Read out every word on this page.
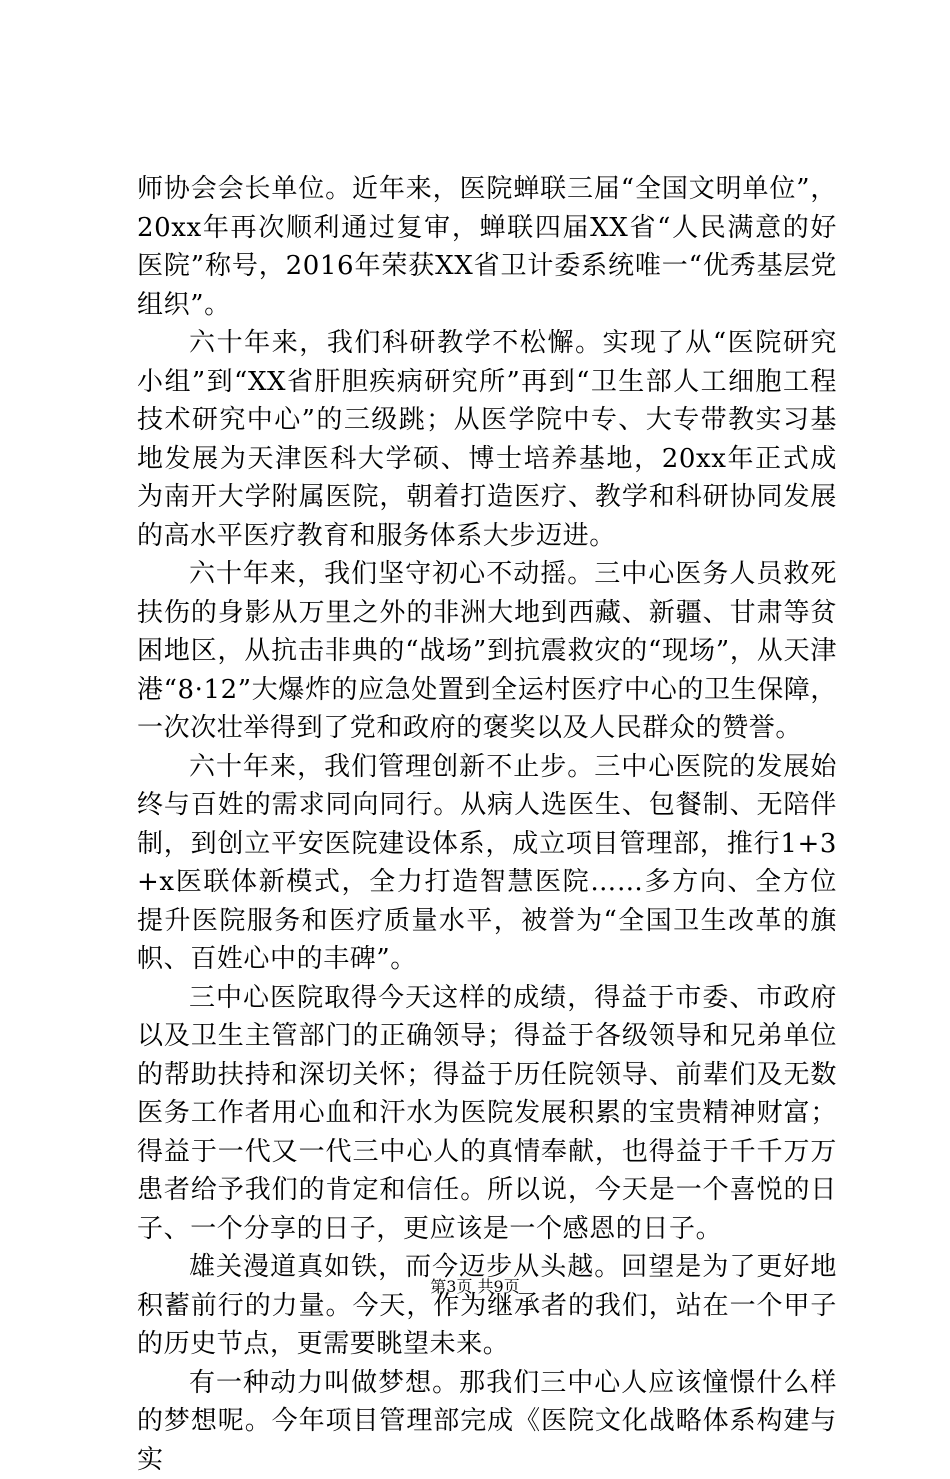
师协会会长单位。近年来，医院蝉联三届“全国文明单位”，20xx年再次顺利通过复审，蝉联四届XX省“人民满意的好医院”称号，2016年荣获XX省卫计委系统唯一“优秀基层党组织”。

六十年来，我们科研教学不松懈。实现了从“医院研究小组”到“XX省肝胆疾病研究所”再到“卫生部人工细胞工程技术研究中心”的三级跳；从医学院中专、大专带教实习基地发展为天津医科大学硕、博士培养基地，20xx年正式成为南开大学附属医院，朝着打造医疗、教学和科研协同发展的高水平医疗教育和服务体系大步迈进。

六十年来，我们坚守初心不动摇。三中心医务人员救死扶伤的身影从万里之外的非洲大地到西藏、新疆、甘肃等贫困地区，从抗击非典的“战场”到抗震救灾的“现场”，从天津港“8·12”大爆炸的应急处置到全运村医疗中心的卫生保障，一次次壮举得到了党和政府的褒奖以及人民群众的赞誉。

六十年来，我们管理创新不止步。三中心医院的发展始终与百姓的需求同向同行。从病人选医生、包餐制、无陪伴制，到创立平安医院建设体系，成立项目管理部，推行1+3+x医联体新模式，全力打造智慧医院……多方向、全方位提升医院服务和医疗质量水平，被誉为“全国卫生改革的旗帜、百姓心中的丰碑”。

三中心医院取得今天这样的成绩，得益于市委、市政府以及卫生主管部门的正确领导；得益于各级领导和兄弟单位的帮助扶持和深切关怀；得益于历任院领导、前辈们及无数医务工作者用心血和汗水为医院发展积累的宝贵精神财富；得益于一代又一代三中心人的真情奉献，也得益于千千万万患者给予我们的肯定和信任。所以说，今天是一个喜悦的日子、一个分享的日子，更应该是一个感恩的日子。

雄关漫道真如铁，而今迈步从头越。回望是为了更好地积蓄前行的力量。今天，作为继承者的我们，站在一个甲子的历史节点，更需要眺望未来。

有一种动力叫做梦想。那我们三中心人应该憧憬什么样的梦想呢。今年项目管理部完成《医院文化战略体系构建与实

第3页 共9页
